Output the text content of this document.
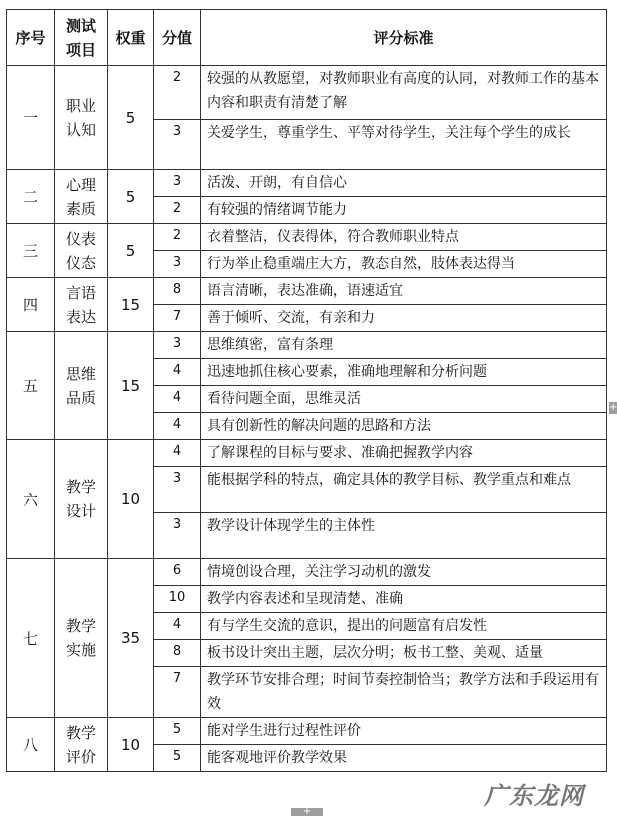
序号	测试项目	权重	分值	评分标准

一	职业认知	5	2	较强的从教愿望，对教师职业有高度的认同，对教师工作的基本内容和职责有清楚了解
			3	关爱学生，尊重学生、平等对待学生，关注每个学生的成长

二	心理素质	5	3	活泼、开朗，有自信心
			2	有较强的情绪调节能力

三	仪表仪态	5	2	衣着整洁，仪表得体，符合教师职业特点
			3	行为举止稳重端庄大方，教态自然，肢体表达得当

四	言语表达	15	8	语言清晰，表达准确，语速适宜
			7	善于倾听、交流，有亲和力

五	思维品质	15	3	思维缜密，富有条理
			4	迅速地抓住核心要素，准确地理解和分析问题
			4	看待问题全面，思维灵活
			4	具有创新性的解决问题的思路和方法

六	教学设计	10	4	了解课程的目标与要求、准确把握教学内容
			3	能根据学科的特点，确定具体的教学目标、教学重点和难点
			3	教学设计体现学生的主体性

七	教学实施	35	6	情境创设合理，关注学习动机的激发
			10	教学内容表述和呈现清楚、准确
			4	有与学生交流的意识，提出的问题富有启发性
			8	板书设计突出主题，层次分明；板书工整、美观、适量
			7	教学环节安排合理；时间节奏控制恰当；教学方法和手段运用有效

八	教学评价	10	5	能对学生进行过程性评价
			5	能客观地评价教学效果
广东龙网
+
+
